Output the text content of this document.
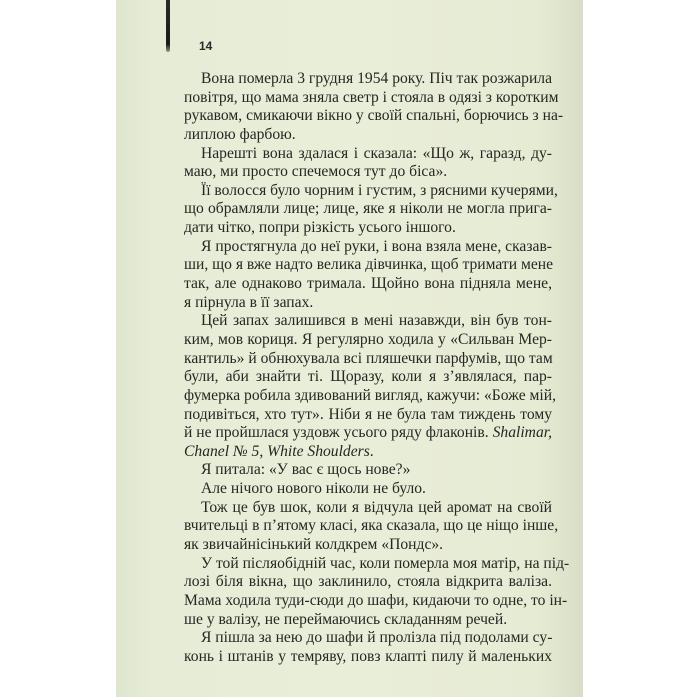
14
Вона померла 3 грудня 1954 року. Піч так розжарила
повітря, що мама зняла светр і стояла в одязі з коротким
рукавом, смикаючи вікно у своїй спальні, борючись з на-
липлою фарбою.
Нарешті вона здалася і сказала: «Що ж, гаразд, ду-
маю, ми просто спечемося тут до біса».
Її волосся було чорним і густим, з рясними кучерями,
що обрамляли лице; лице, яке я ніколи не могла прига-
дати чітко, попри різкість усього іншого.
Я простягнула до неї руки, і вона взяла мене, сказав-
ши, що я вже надто велика дівчинка, щоб тримати мене
так, але однаково тримала. Щойно вона підняла мене,
я пірнула в її запах.
Цей запах залишився в мені назавжди, він був тон-
ким, мов кориця. Я регулярно ходила у «Сильван Мер-
кантиль» й обнюхувала всі пляшечки парфумів, що там
були, аби знайти ті. Щоразу, коли я з’являлася, пар-
фумерка робила здивований вигляд, кажучи: «Боже мій,
подивіться, хто тут». Ніби я не була там тиждень тому
й не пройшлася уздовж усього ряду флаконів. Shalimar,
Chanel № 5, White Shoulders.
Я питала: «У вас є щось нове?»
Але нічого нового ніколи не було.
Тож це був шок, коли я відчула цей аромат на своїй
вчительці в п’ятому класі, яка сказала, що це ніщо інше,
як звичайнісінький колдкрем «Пондс».
У той післяобідній час, коли померла моя матір, на під-
лозі біля вікна, що заклинило, стояла відкрита валіза.
Мама ходила туди-сюди до шафи, кидаючи то одне, то ін-
ше у валізу, не переймаючись складанням речей.
Я пішла за нею до шафи й пролізла під подолами су-
конь і штанів у темряву, повз клапті пилу й маленьких
